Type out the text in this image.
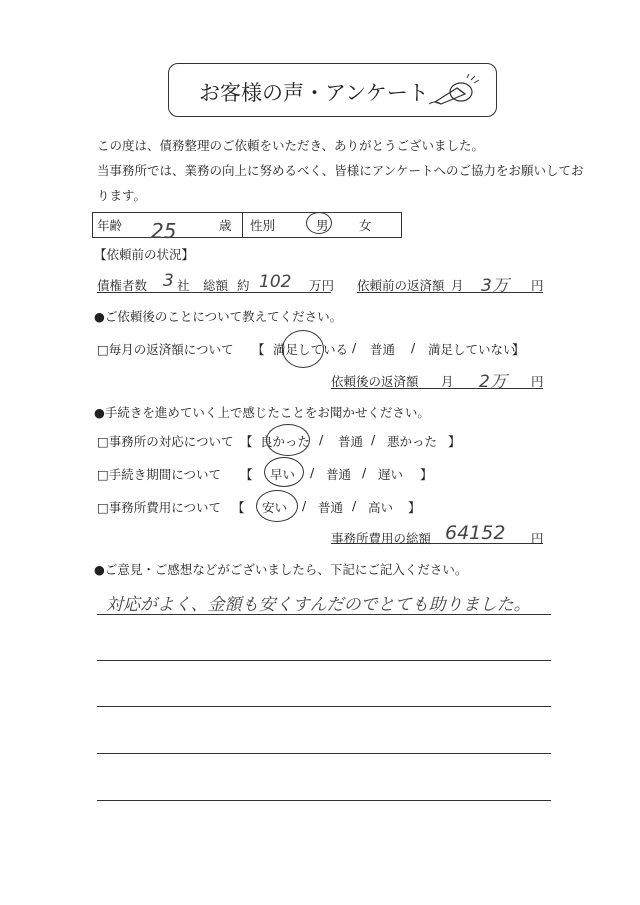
お客様の声・アンケート
この度は、債務整理のご依頼をいただき、ありがとうございました。
当事務所では、業務の向上に努めるべく、皆様にアンケートへのご協力をお願いしてお
ります。
年齢 25	歳 性別	男 女
【依頼前の状況】
債権者数 3 社 総額 約 102 万円 依頼前の返済額 月 3万 円
●ご依頼後のことについて教えてください。
□毎月の返済額について 【 満足している / 普通 / 満足していない
】
依頼後の返済額 月 2万 円
●手続きを進めていく上で感じたことをお聞かせください。
□事務所の対応について 【 良かった / 普通 / 悪かった 】
□手続き期間について 【 早い / 普通 / 遅い 】
□事務所費用について 【 安い / 普通 / 高い 】
事務所費用の総額 64152 円
●ご意見・ご感想などがございましたら、下記にご記入ください。
対応がよく、金額も安くすんだのでとても助りました。
